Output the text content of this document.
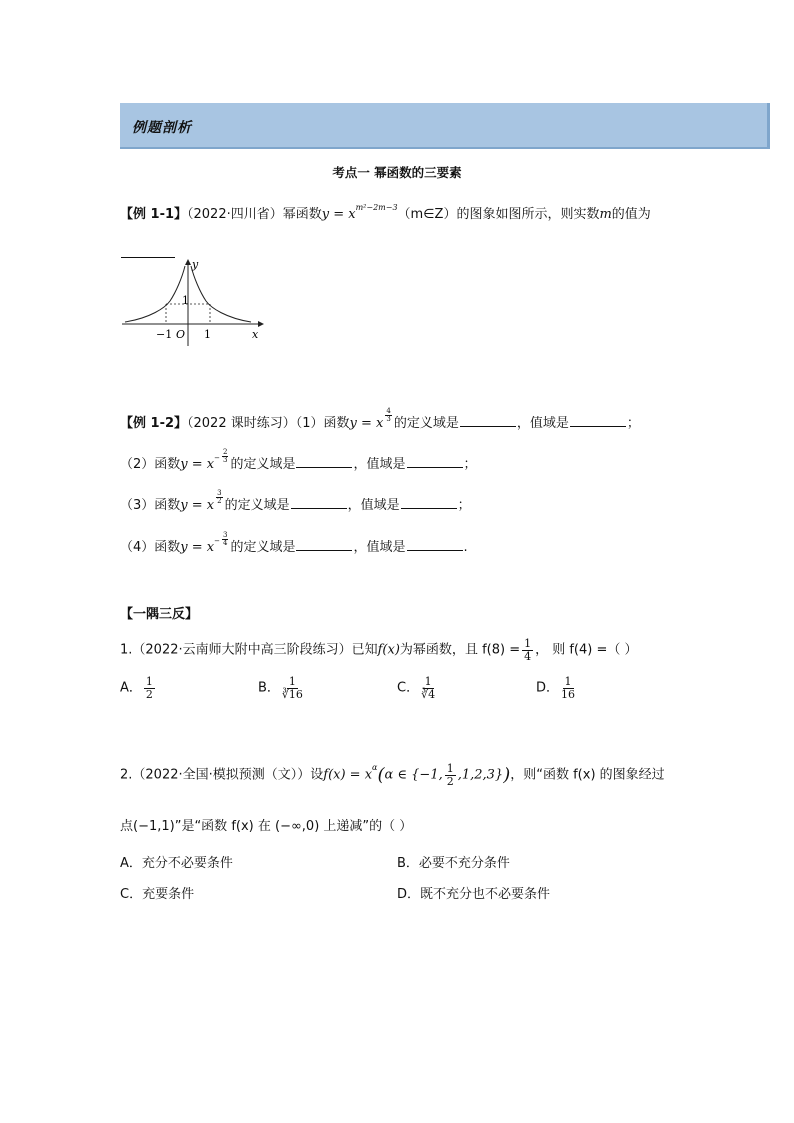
例题剖析
考点一 幂函数的三要素
【例 1-1】（2022·四川省）幂函数$y = x^{m^2-2m-3}(m\in Z)$的图象如图所示，则实数m的值为
y
x
−1 O 1
1
【例 1-2】（2022 课时练习）（1）函数y = x
$\frac{4}{3}$
的定义域是	，值域是	；
（2）函数$y = x^- \frac{2}{3}$
的定义域是	，值域是	；
（3）函数y = x
$\frac{3}{2}$
的定义域是	，值域是	；
（4）函数$y = x^- \frac{3}{4}$
的定义域是	，值域是	.
【一隅三反】
1.（2022·云南师大附中高三阶段练习）已知f(x)为幂函数，且 $f(8) = \frac{1}{4}$ ， 则 f(4) =（ ）
A． $\frac{1}{2}$	B． $\frac{1}{∛16}$	C． $\frac{1}{∛4}$	D． $\frac{1}{16}$
2.（2022·全国·模拟预测（文））设$f(x) = x^\alpha(\alpha$ ∈ {−1, $\frac{1}{2} ,1,2,3$})，则“函数 f(x) 的图象经过
点(−1,1)”是“函数 f(x) 在 (−∞,0) 上递减”的（ ）
A．充分不必要条件	B．必要不充分条件
C．充要条件	D．既不充分也不必要条件
